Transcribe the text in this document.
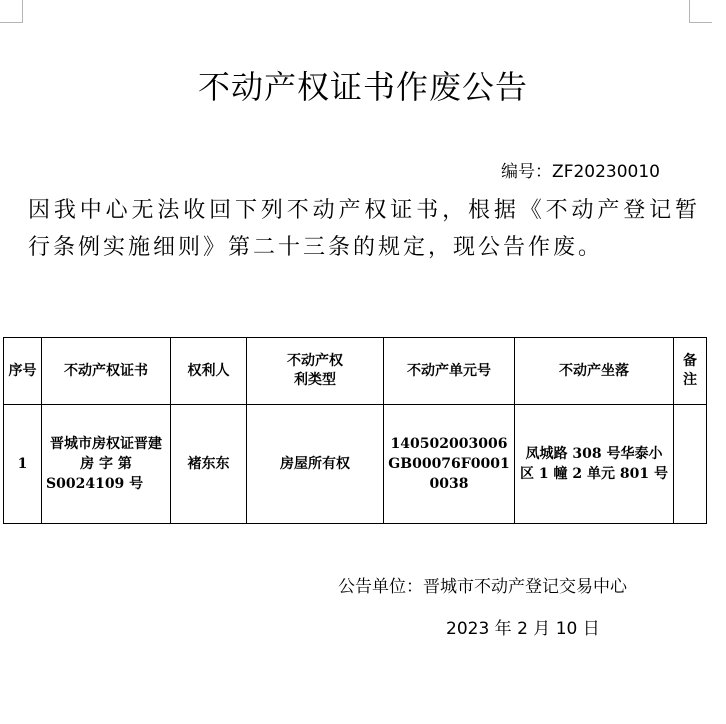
不动产权证书作废公告
编号：ZF20230010

因我中心无法收回下列不动产权证书，根据《不动产登记暂行条例实施细则》第二十三条的规定，现公告作废。

序号	不动产权证书	权利人	不动产权利类型	不动产单元号	不动产坐落	备注
1	晋城市房权证晋建 房 字 第S0024109 号	褚东东	房屋所有权	140502003006GB00076F00010038	凤城路 308 号华泰小区 1 幢 2 单元 801 号	
公告单位：晋城市不动产登记交易中心
2023 年 2 月 10 日
